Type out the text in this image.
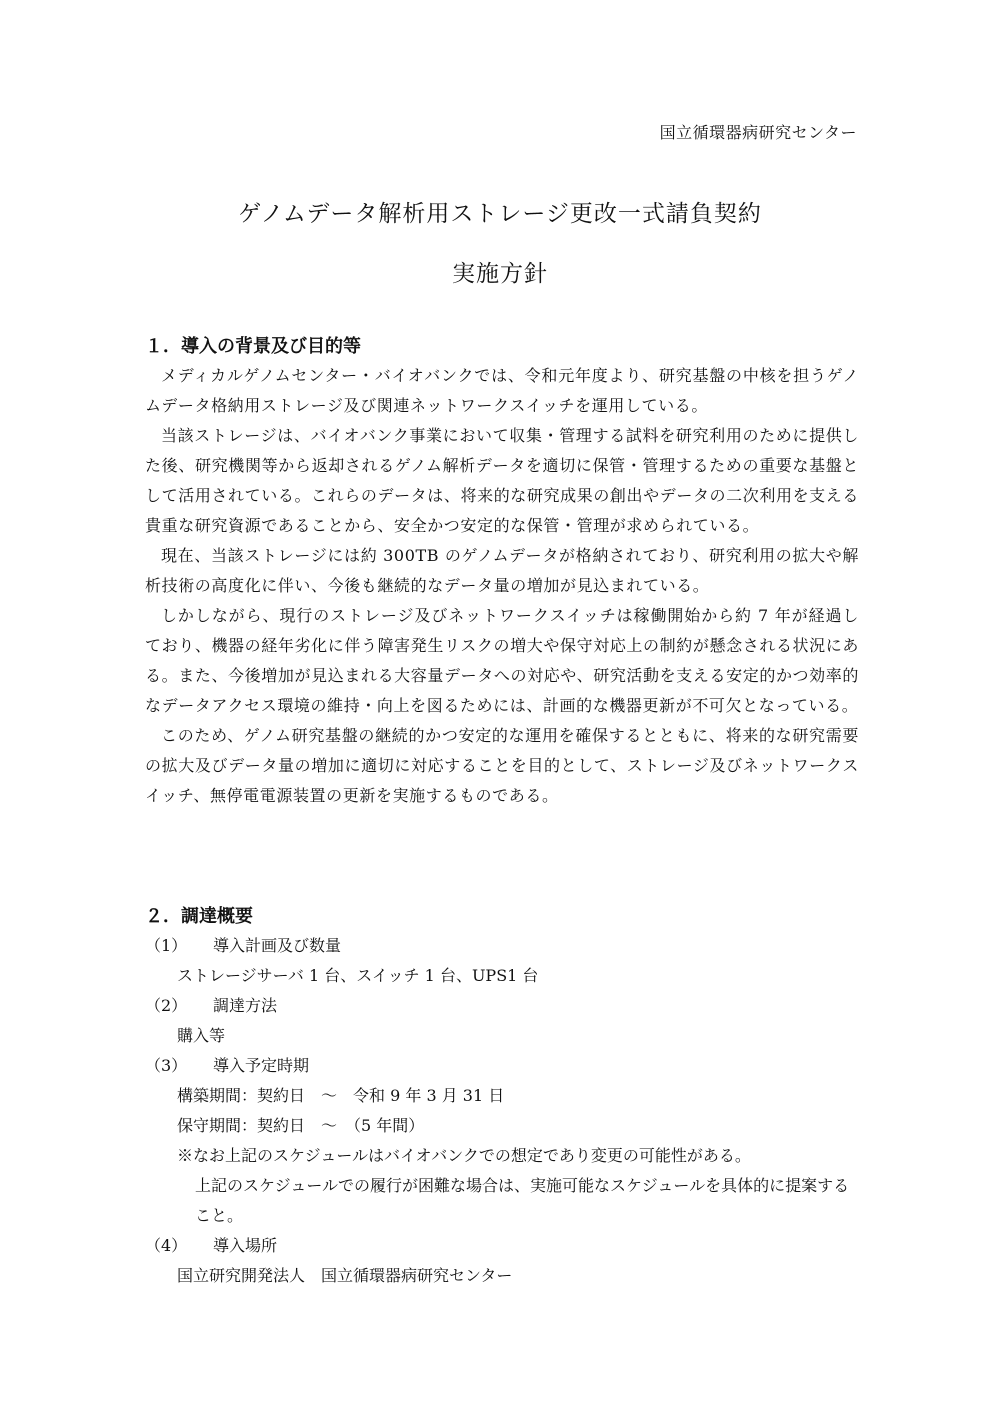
国立循環器病研究センター
ゲノムデータ解析用ストレージ更改一式請負契約
実施方針

１．導入の背景及び目的等

メディカルゲノムセンター・バイオバンクでは、令和元年度より、研究基盤の中核を担うゲノムデータ格納用ストレージ及び関連ネットワークスイッチを運用している。

当該ストレージは、バイオバンク事業において収集・管理する試料を研究利用のために提供した後、研究機関等から返却されるゲノム解析データを適切に保管・管理するための重要な基盤として活用されている。これらのデータは、将来的な研究成果の創出やデータの二次利用を支える貴重な研究資源であることから、安全かつ安定的な保管・管理が求められている。

現在、当該ストレージには約 300TB のゲノムデータが格納されており、研究利用の拡大や解析技術の高度化に伴い、今後も継続的なデータ量の増加が見込まれている。

しかしながら、現行のストレージ及びネットワークスイッチは稼働開始から約 7 年が経過しており、機器の経年劣化に伴う障害発生リスクの増大や保守対応上の制約が懸念される状況にある。また、今後増加が見込まれる大容量データへの対応や、研究活動を支える安定的かつ効率的なデータアクセス環境の維持・向上を図るためには、計画的な機器更新が不可欠となっている。

このため、ゲノム研究基盤の継続的かつ安定的な運用を確保するとともに、将来的な研究需要の拡大及びデータ量の増加に適切に対応することを目的として、ストレージ及びネットワークスイッチ、無停電電源装置の更新を実施するものである。

２．調達概要

（1）	導入計画及び数量

ストレージサーバ 1 台、スイッチ 1 台、UPS1 台

（2）	調達方法

購入等

（3）	導入予定時期

構築期間：契約日　～　令和 9 年 3 月 31 日

保守期間：契約日　～　（5 年間）

※なお上記のスケジュールはバイオバンクでの想定であり変更の可能性がある。

上記のスケジュールでの履行が困難な場合は、実施可能なスケジュールを具体的に提案すること。

（4）	導入場所

国立研究開発法人　国立循環器病研究センター
